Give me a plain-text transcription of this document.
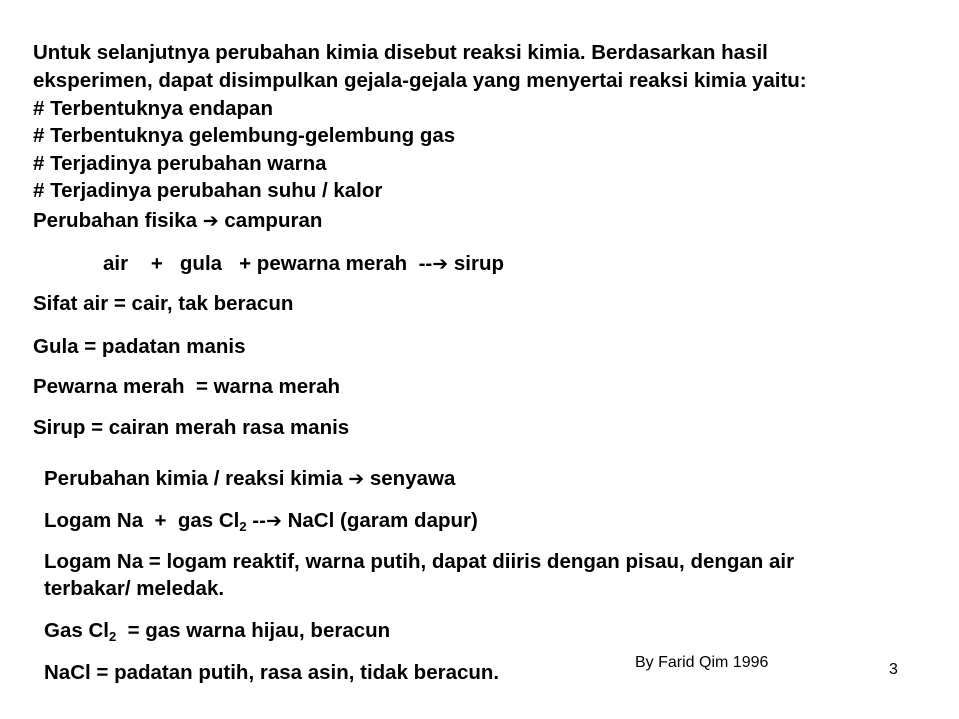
Untuk selanjutnya perubahan kimia disebut reaksi kimia. Berdasarkan hasil
eksperimen, dapat disimpulkan gejala-gejala yang menyertai reaksi kimia yaitu:
# Terbentuknya endapan
# Terbentuknya gelembung-gelembung gas
# Terjadinya perubahan warna
# Terjadinya perubahan suhu / kalor
Perubahan fisika ➔ campuran
air    +   gula   + pewarna merah  --➔ sirup
Sifat air = cair, tak beracun
Gula = padatan manis
Pewarna merah  = warna merah
Sirup = cairan merah rasa manis
Perubahan kimia / reaksi kimia ➔ senyawa
Logam Na  +  gas $Cl_2$ --➔ NaCl (garam dapur)
Logam Na = logam reaktif, warna putih, dapat diiris dengan pisau, dengan air
terbakar/ meledak.
Gas $Cl_2$  = gas warna hijau, beracun
NaCl = padatan putih, rasa asin, tidak beracun.	By Farid Qim 1996	3
